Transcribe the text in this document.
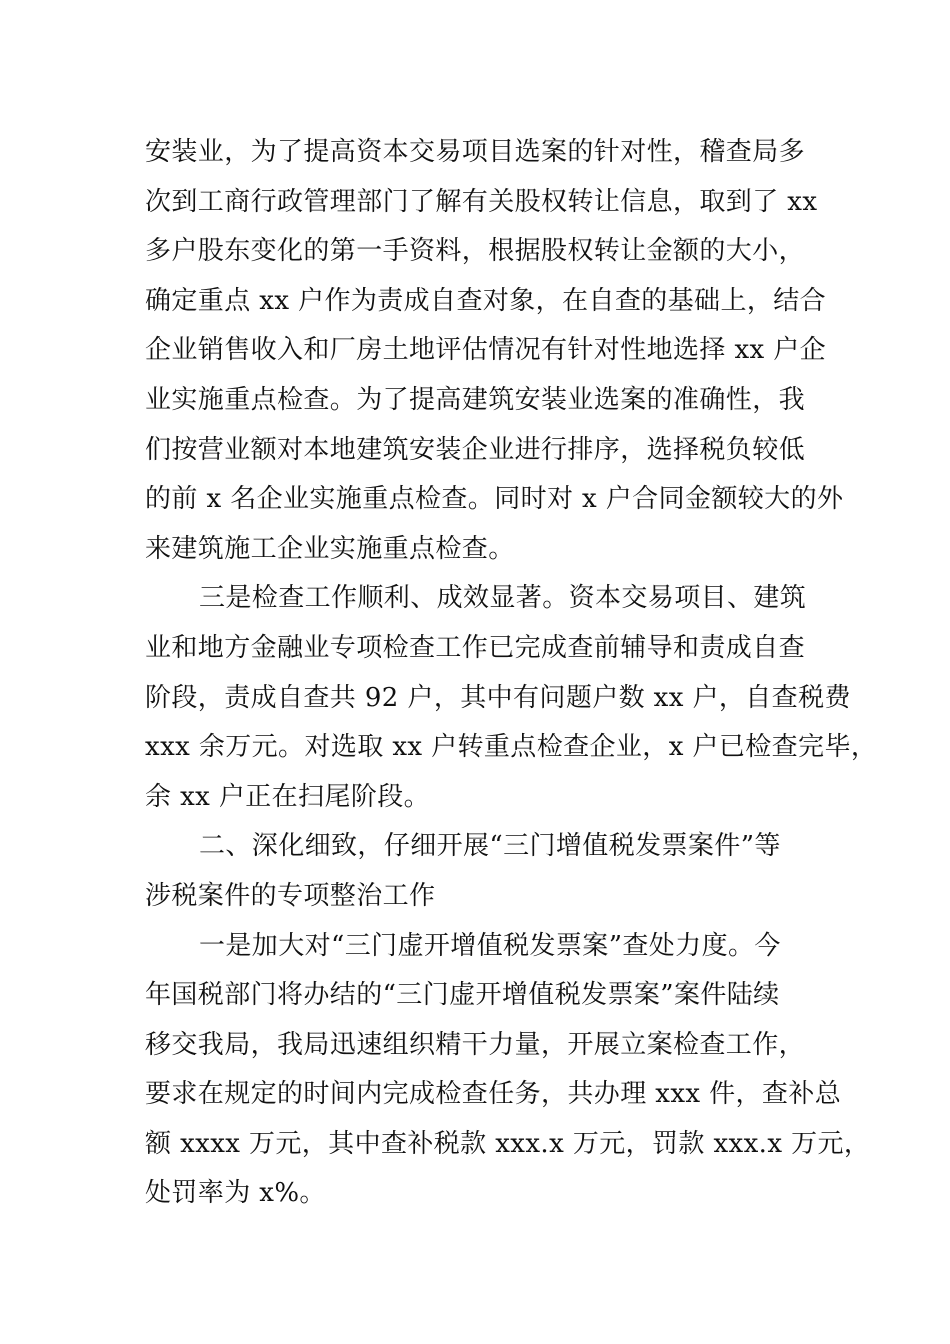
安装业，为了提高资本交易项目选案的针对性，稽查局多
次到工商行政管理部门了解有关股权转让信息，取到了 xx
多户股东变化的第一手资料，根据股权转让金额的大小，
确定重点 xx 户作为责成自查对象，在自查的基础上，结合
企业销售收入和厂房土地评估情况有针对性地选择 xx 户企
业实施重点检查。为了提高建筑安装业选案的准确性，我
们按营业额对本地建筑安装企业进行排序，选择税负较低
的前 x 名企业实施重点检查。同时对 x 户合同金额较大的外
来建筑施工企业实施重点检查。
三是检查工作顺利、成效显著。资本交易项目、建筑
业和地方金融业专项检查工作已完成查前辅导和责成自查
阶段，责成自查共 92 户，其中有问题户数 xx 户，自查税费
xxx 余万元。对选取 xx 户转重点检查企业，x 户已检查完毕，
余 xx 户正在扫尾阶段。
二、深化细致，仔细开展“三门增值税发票案件”等
涉税案件的专项整治工作
一是加大对“三门虚开增值税发票案”查处力度。今
年国税部门将办结的“三门虚开增值税发票案”案件陆续
移交我局，我局迅速组织精干力量，开展立案检查工作，
要求在规定的时间内完成检查任务，共办理 xxx 件，查补总
额 xxxx 万元，其中查补税款 xxx.x 万元，罚款 xxx.x 万元，
处罚率为 x%。
